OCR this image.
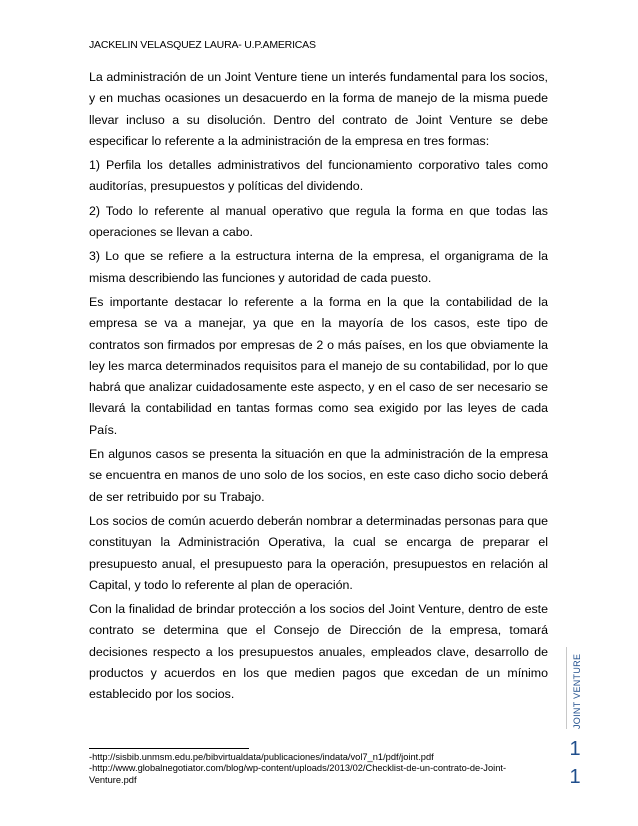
JACKELIN VELASQUEZ LAURA- U.P.AMERICAS

La administración de un Joint Venture tiene un interés fundamental para los socios, y en muchas ocasiones un desacuerdo en la forma de manejo de la misma puede llevar incluso a su disolución. Dentro del contrato de Joint Venture se debe especificar lo referente a la administración de la empresa en tres formas:

1) Perfila los detalles administrativos del funcionamiento corporativo tales como auditorías, presupuestos y políticas del dividendo.

2) Todo lo referente al manual operativo que regula la forma en que todas las operaciones se llevan a cabo.

3) Lo que se refiere a la estructura interna de la empresa, el organigrama de la misma describiendo las funciones y autoridad de cada puesto.

Es importante destacar lo referente a la forma en la que la contabilidad de la empresa se va a manejar, ya que en la mayoría de los casos, este tipo de contratos son firmados por empresas de 2 o más países, en los que obviamente la ley les marca determinados requisitos para el manejo de su contabilidad, por lo que habrá que analizar cuidadosamente este aspecto, y en el caso de ser necesario se llevará la contabilidad en tantas formas como sea exigido por las leyes de cada País.

En algunos casos se presenta la situación en que la administración de la empresa se encuentra en manos de uno solo de los socios, en este caso dicho socio deberá de ser retribuido por su Trabajo.

Los socios de común acuerdo deberán nombrar a determinadas personas para que constituyan la Administración Operativa, la cual se encarga de preparar el presupuesto anual, el presupuesto para la operación, presupuestos en relación al Capital, y todo lo referente al plan de operación.

Con la finalidad de brindar protección a los socios del Joint Venture, dentro de este contrato se determina que el Consejo de Dirección de la empresa, tomará decisiones respecto a los presupuestos anuales, empleados clave, desarrollo de productos y acuerdos en los que medien pagos que excedan de un mínimo establecido por los socios.	JOINT VENTURE
1
1
-http://sisbib.unmsm.edu.pe/bibvirtualdata/publicaciones/indata/vol7_n1/pdf/joint.pdf
-http://www.globalnegotiator.com/blog/wp-content/uploads/2013/02/Checklist-de-un-contrato-de-Joint-Venture.pdf
